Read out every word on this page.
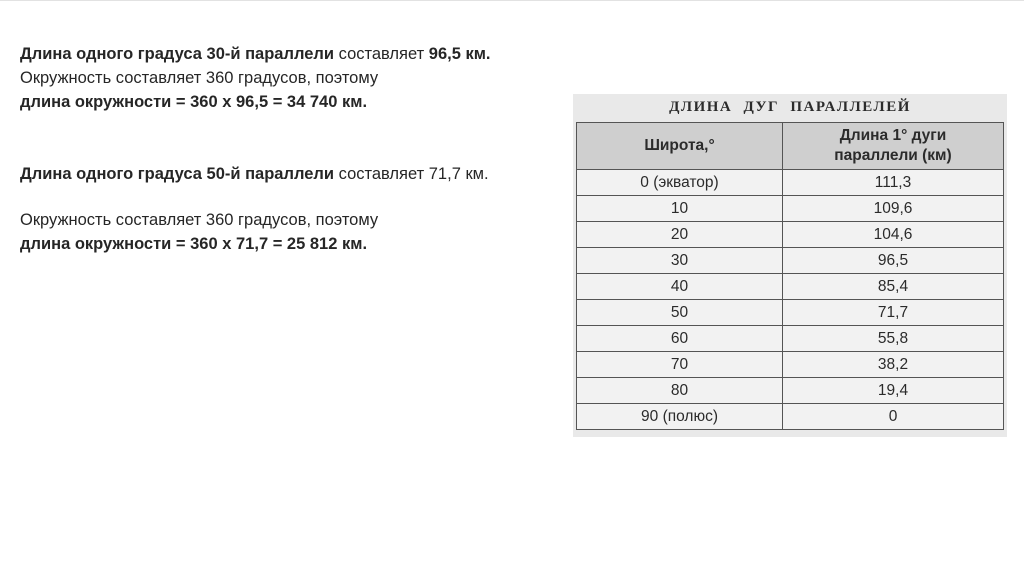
Длина одного градуса 30-й параллели составляет 96,5 км.

Окружность составляет 360 градусов, поэтому

длина окружности = 360 x 96,5 = 34 740 км.

Длина одного градуса 50-й параллели составляет 71,7 км.

Окружность составляет 360 градусов, поэтому

длина окружности = 360 x 71,7 = 25 812 км.

ДЛИНА ДУГ ПАРАЛЛЕЛЕЙ
Широта,°	Длина 1° дуги
параллели (км)
0 (экватор)	111,3
10	109,6
20	104,6
30	96,5
40	85,4
50	71,7
60	55,8
70	38,2
80	19,4
90 (полюс)	0
